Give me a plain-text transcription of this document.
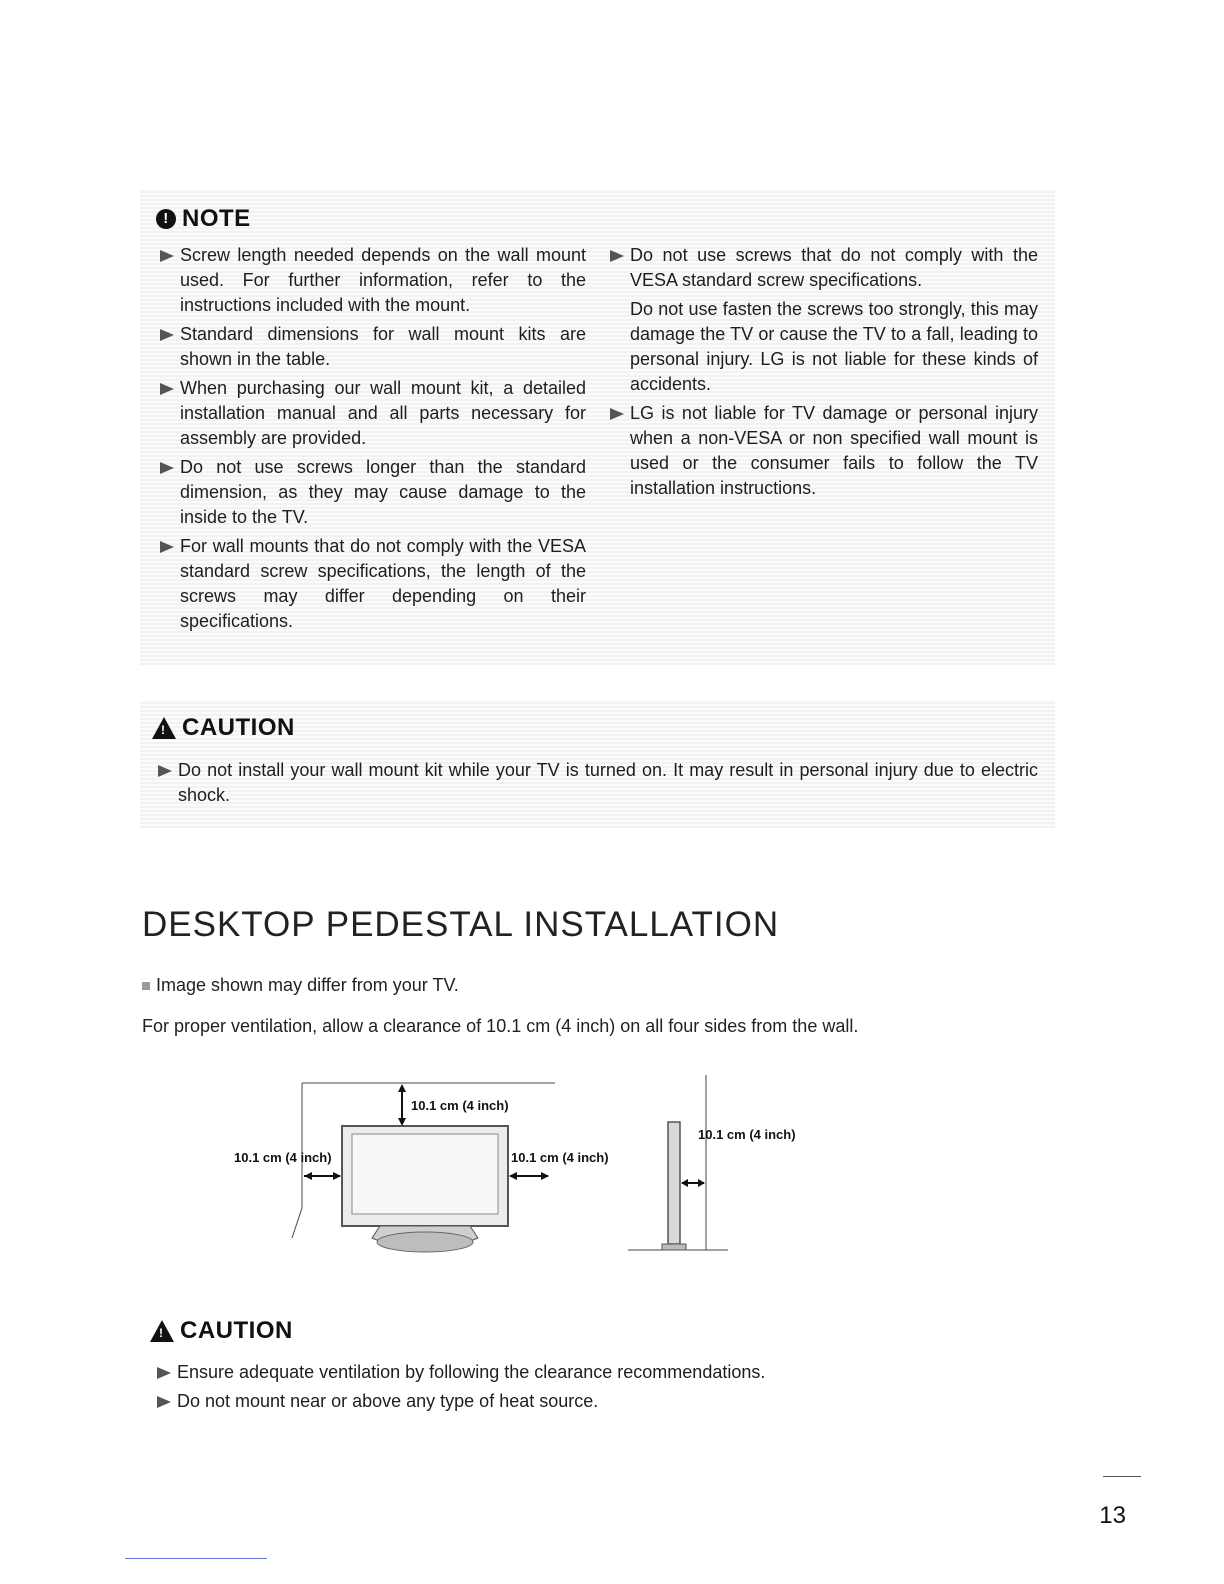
! NOTE
Screw length needed depends on the wall mount used. For further information, refer to the instructions included with the mount.
Standard dimensions for wall mount kits are shown in the table.
When purchasing our wall mount kit, a detailed installation manual and all parts necessary for assembly are provided.
Do not use screws longer than the standard dimension, as they may cause damage to the inside to the TV.
For wall mounts that do not comply with the VESA standard screw specifications, the length of the screws may differ depending on their specifications.
Do not use screws that do not comply with the VESA standard screw specifications.
Do not use fasten the screws too strongly, this may damage the TV or cause the TV to a fall, leading to personal injury. LG is not liable for these kinds of accidents.
LG is not liable for TV damage or personal injury when a non-VESA or non specified wall mount is used or the consumer fails to follow the TV installation instructions.
! CAUTION
Do not install your wall mount kit while your TV is turned on. It may result in personal injury due to electric shock.
DESKTOP PEDESTAL INSTALLATION
Image shown may differ from your TV.
For proper ventilation, allow a clearance of 10.1 cm (4 inch) on all four sides from the wall.
10.1 cm (4 inch)
10.1 cm (4 inch)	10.1 cm (4 inch)
10.1 cm (4 inch)
! CAUTION
Ensure adequate ventilation by following the clearance recommendations.
Do not mount near or above any type of heat source.
13
